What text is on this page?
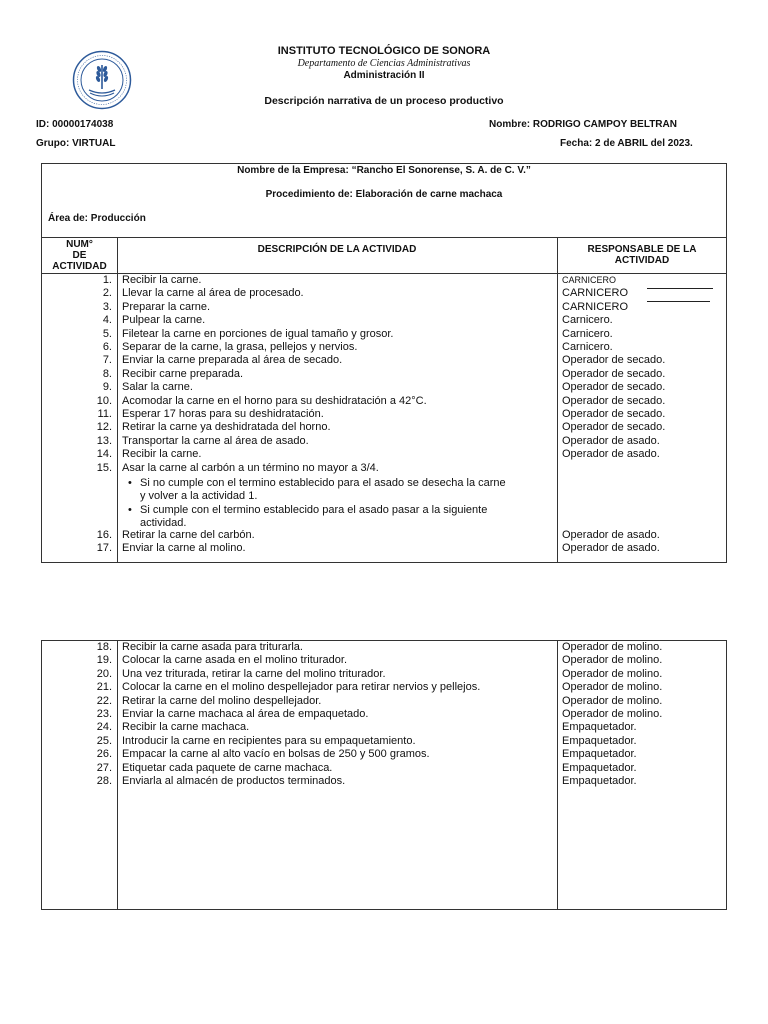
INSTITUTO TECNOLÓGICO DE SONORA
Departamento de Ciencias Administrativas
Administración II
Descripción narrativa de un proceso productivo
ID: 00000174038
Grupo: VIRTUAL
Nombre: RODRIGO CAMPOY BELTRAN
Fecha: 2 de ABRIL del 2023.
Nombre de la Empresa: “Rancho El Sonorense, S. A. de C. V.”
Procedimiento de: Elaboración de carne machaca
Área de: Producción
NUM°
DE
ACTIVIDAD
DESCRIPCIÓN DE LA ACTIVIDAD	RESPONSABLE DE LA
ACTIVIDAD
1. Recibir la carne.	CARNICERO
2. Llevar la carne al área de procesado.	CARNICERO
3. Preparar la carne.	CARNICERO
4. Pulpear la carne.	Carnicero.
5. Filetear la carne en porciones de igual tamaño y grosor.	Carnicero.
6. Separar de la carne, la grasa, pellejos y nervios.	Carnicero.
7. Enviar la carne preparada al área de secado.	Operador de secado.
8. Recibir carne preparada.	Operador de secado.
9. Salar la carne.	Operador de secado.
10. Acomodar la carne en el horno para su deshidratación a 42°C.	Operador de secado.
11. Esperar 17 horas para su deshidratación.	Operador de secado.
12. Retirar la carne ya deshidratada del horno.	Operador de secado.
13. Transportar la carne al área de asado.	Operador de asado.
14. Recibir la carne.	Operador de asado.
15. Asar la carne al carbón a un término no mayor a 3/4.
• Si no cumple con el termino establecido para el asado se desecha la carne
y volver a la actividad 1.
• Si cumple con el termino establecido para el asado pasar a la siguiente
actividad.
16. Retirar la carne del carbón.	Operador de asado.
17. Enviar la carne al molino.	Operador de asado.
18. Recibir la carne asada para triturarla.	Operador de molino.
19. Colocar la carne asada en el molino triturador.	Operador de molino.
20. Una vez triturada, retirar la carne del molino triturador.	Operador de molino.
21. Colocar la carne en el molino despellejador para retirar nervios y pellejos.	Operador de molino.
22. Retirar la carne del molino despellejador.	Operador de molino.
23. Enviar la carne machaca al área de empaquetado.	Operador de molino.
24. Recibir la carne machaca.	Empaquetador.
25. Introducir la carne en recipientes para su empaquetamiento.	Empaquetador.
26. Empacar la carne al alto vacío en bolsas de 250 y 500 gramos.	Empaquetador.
27. Etiquetar cada paquete de carne machaca.	Empaquetador.
28. Enviarla al almacén de productos terminados.	Empaquetador.
